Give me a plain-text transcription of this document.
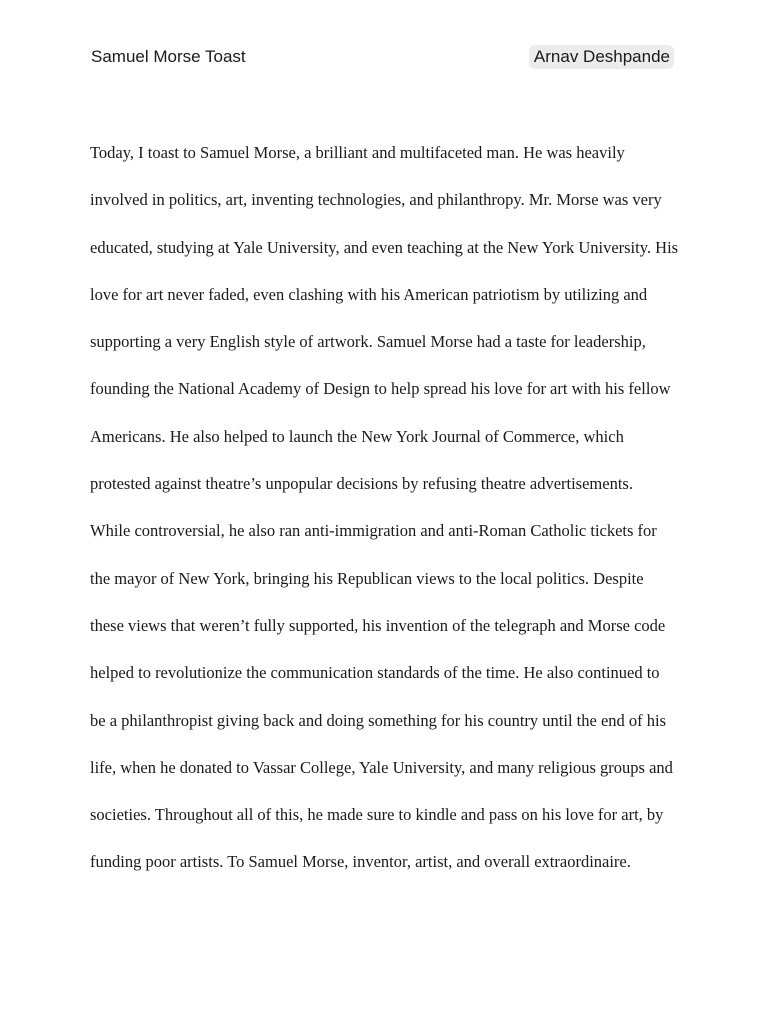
Samuel Morse Toast	Arnav Deshpande
Today, I toast to Samuel Morse, a brilliant and multifaceted man. He was heavily
involved in politics, art, inventing technologies, and philanthropy. Mr. Morse was very
educated, studying at Yale University, and even teaching at the New York University. His
love for art never faded, even clashing with his American patriotism by utilizing and
supporting a very English style of artwork. Samuel Morse had a taste for leadership,
founding the National Academy of Design to help spread his love for art with his fellow
Americans. He also helped to launch the New York Journal of Commerce, which
protested against theatre’s unpopular decisions by refusing theatre advertisements.
While controversial, he also ran anti-immigration and anti-Roman Catholic tickets for
the mayor of New York, bringing his Republican views to the local politics. Despite
these views that weren’t fully supported, his invention of the telegraph and Morse code
helped to revolutionize the communication standards of the time. He also continued to
be a philanthropist giving back and doing something for his country until the end of his
life, when he donated to Vassar College, Yale University, and many religious groups and
societies. Throughout all of this, he made sure to kindle and pass on his love for art, by
funding poor artists. To Samuel Morse, inventor, artist, and overall extraordinaire.
